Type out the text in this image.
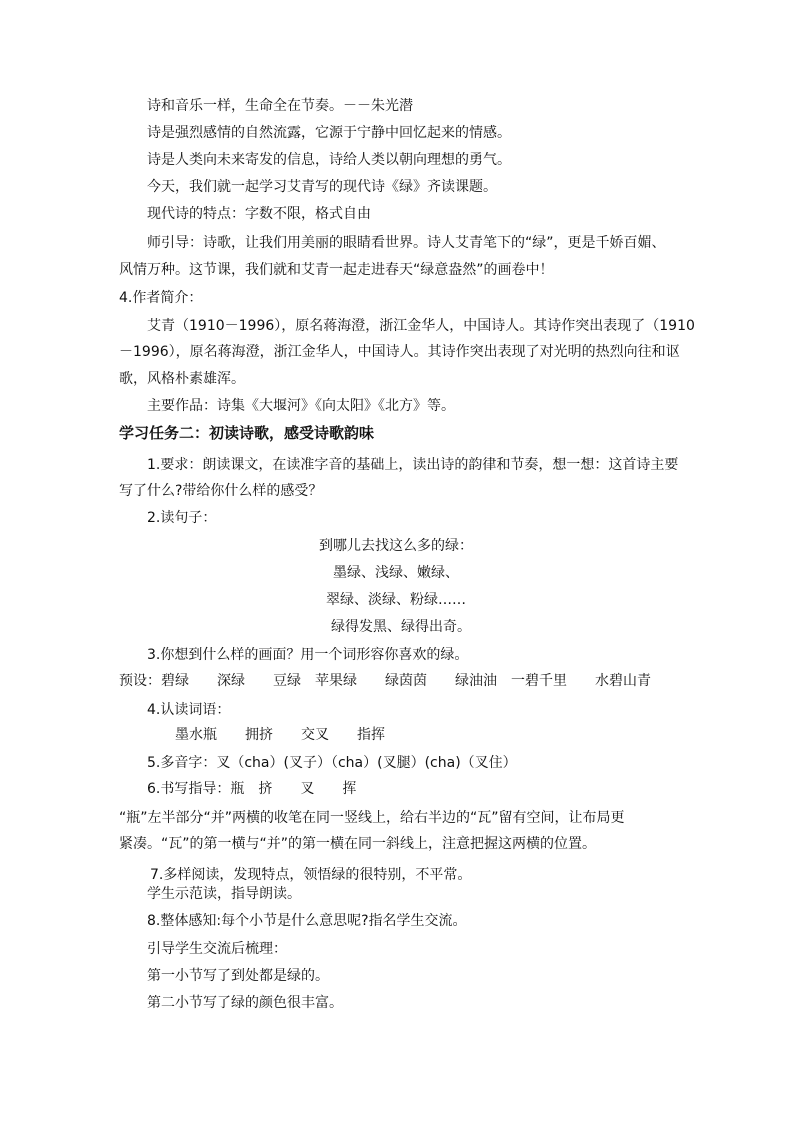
诗和音乐一样，生命全在节奏。－－朱光潜
诗是强烈感情的自然流露，它源于宁静中回忆起来的情感。
诗是人类向未来寄发的信息，诗给人类以朝向理想的勇气。
今天，我们就一起学习艾青写的现代诗《绿》齐读课题。
现代诗的特点：字数不限，格式自由
师引导：诗歌，让我们用美丽的眼睛看世界。诗人艾青笔下的“绿”，更是千娇百媚、
风情万种。这节课，我们就和艾青一起走进春天“绿意盎然”的画卷中！
4.作者简介：
艾青（1910－1996），原名蒋海澄，浙江金华人，中国诗人。其诗作突出表现了（1910
－1996），原名蒋海澄，浙江金华人，中国诗人。其诗作突出表现了对光明的热烈向往和讴
歌，风格朴素雄浑。
主要作品：诗集《大堰河》《向太阳》《北方》等。
学习任务二：初读诗歌，感受诗歌韵味
1.要求：朗读课文，在读准字音的基础上，读出诗的韵律和节奏，想一想：这首诗主要
写了什么?带给你什么样的感受？
2.读句子：
到哪儿去找这么多的绿：
墨绿、浅绿、嫩绿、
翠绿、淡绿、粉绿……
绿得发黑、绿得出奇。
3.你想到什么样的画面？用一个词形容你喜欢的绿。
预设：碧绿　　深绿　　豆绿　苹果绿　　绿茵茵　　绿油油　一碧千里　　水碧山青
4.认读词语：
墨水瓶　　拥挤　　交叉　　指挥
5.多音字：叉（cha）(叉子）（cha）(叉腿）(cha)（叉住）
6.书写指导：瓶　挤　　叉　　挥
“瓶”左半部分“并”两横的收笔在同一竖线上，给右半边的“瓦”留有空间，让布局更
紧凑。“瓦”的第一横与“并”的第一横在同一斜线上，注意把握这两横的位置。
7.多样阅读，发现特点，领悟绿的很特别，不平常。
学生示范读，指导朗读。
8.整体感知:每个小节是什么意思呢?指名学生交流。
引导学生交流后梳理：
第一小节写了到处都是绿的。
第二小节写了绿的颜色很丰富。
